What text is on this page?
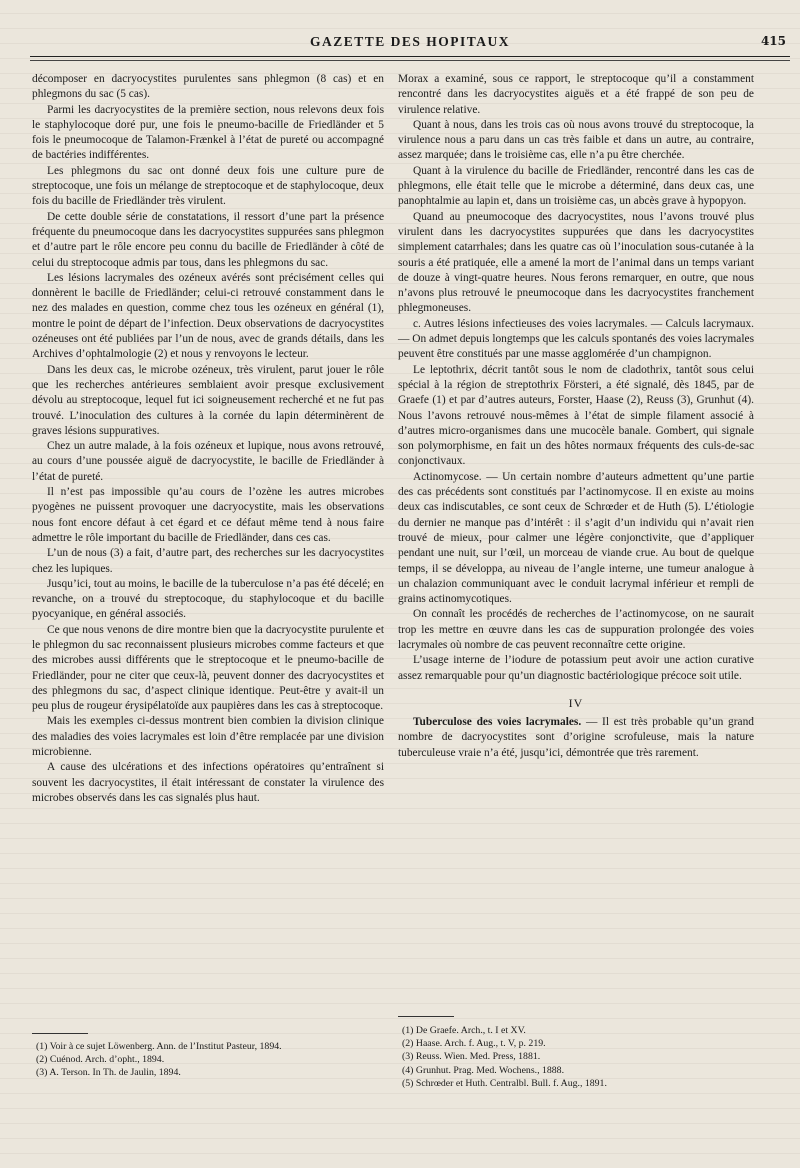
GAZETTE DES HOPITAUX	415

décomposer en dacryocystites purulentes sans phlegmon (8 cas) et en phlegmons du sac (5 cas).

Parmi les dacryocystites de la première section, nous relevons deux fois le staphylocoque doré pur, une fois le pneumo-bacille de Friedländer et 5 fois le pneumocoque de Talamon-Frænkel à l’état de pureté ou accompagné de bactéries indifférentes.

Les phlegmons du sac ont donné deux fois une culture pure de streptocoque, une fois un mélange de streptocoque et de staphylocoque, deux fois du bacille de Friedländer très virulent.

De cette double série de constatations, il ressort d’une part la présence fréquente du pneumocoque dans les dacryocystites suppurées sans phlegmon et d’autre part le rôle encore peu connu du bacille de Friedländer à côté de celui du streptocoque admis par tous, dans les phlegmons du sac.

Les lésions lacrymales des ozéneux avérés sont précisément celles qui donnèrent le bacille de Friedländer; celui-ci retrouvé constamment dans le nez des malades en question, comme chez tous les ozéneux en général (1), montre le point de départ de l’infection. Deux observations de dacryocystites ozéneuses ont été publiées par l’un de nous, avec de grands détails, dans les Archives d’ophtalmologie (2) et nous y renvoyons le lecteur.

Dans les deux cas, le microbe ozéneux, très virulent, parut jouer le rôle que les recherches antérieures semblaient avoir presque exclusivement dévolu au streptocoque, lequel fut ici soigneusement recherché et ne fut pas trouvé. L’inoculation des cultures à la cornée du lapin déterminèrent de graves lésions suppuratives.

Chez un autre malade, à la fois ozéneux et lupique, nous avons retrouvé, au cours d’une poussée aiguë de dacryocystite, le bacille de Friedländer à l’état de pureté.

Il n’est pas impossible qu’au cours de l’ozène les autres microbes pyogènes ne puissent provoquer une dacryocystite, mais les observations nous font encore défaut à cet égard et ce défaut même tend à nous faire admettre le rôle important du bacille de Friedländer, dans ces cas.

L’un de nous (3) a fait, d’autre part, des recherches sur les dacryocystites chez les lupiques.

Jusqu’ici, tout au moins, le bacille de la tuberculose n’a pas été décelé; en revanche, on a trouvé du streptocoque, du staphylocoque et du bacille pyocyanique, en général associés.

Ce que nous venons de dire montre bien que la dacryocystite purulente et le phlegmon du sac reconnaissent plusieurs microbes comme facteurs et que des microbes aussi différents que le streptocoque et le pneumo-bacille de Friedländer, pour ne citer que ceux-là, peuvent donner des dacryocystites et des phlegmons du sac, d’aspect clinique identique. Peut-être y avait-il un peu plus de rougeur érysipélatoïde aux paupières dans les cas à streptocoque.

Mais les exemples ci-dessus montrent bien combien la division clinique des maladies des voies lacrymales est loin d’être remplacée par une division microbienne.

A cause des ulcérations et des infections opératoires qu’entraînent si souvent les dacryocystites, il était intéressant de constater la virulence des microbes observés dans les cas signalés plus haut.

Morax a examiné, sous ce rapport, le streptocoque qu’il a constamment rencontré dans les dacryocystites aiguës et a été frappé de son peu de virulence relative.

Quant à nous, dans les trois cas où nous avons trouvé du streptocoque, la virulence nous a paru dans un cas très faible et dans un autre, au contraire, assez marquée; dans le troisième cas, elle n’a pu être cherchée.

Quant à la virulence du bacille de Friedländer, rencontré dans les cas de phlegmons, elle était telle que le microbe a déterminé, dans deux cas, une panophtalmie au lapin et, dans un troisième cas, un abcès grave à hypopyon.

Quand au pneumocoque des dacryocystites, nous l’avons trouvé plus virulent dans les dacryocystites suppurées que dans les dacryocystites simplement catarrhales; dans les quatre cas où l’inoculation sous-cutanée à la souris a été pratiquée, elle a amené la mort de l’animal dans un temps variant de douze à vingt-quatre heures. Nous ferons remarquer, en outre, que nous n’avons plus retrouvé le pneumocoque dans les dacryocystites franchement phlegmoneuses.

c. Autres lésions infectieuses des voies lacrymales. — Calculs lacrymaux. — On admet depuis longtemps que les calculs spontanés des voies lacrymales peuvent être constitués par une masse agglomérée d’un champignon.

Le leptothrix, décrit tantôt sous le nom de cladothrix, tantôt sous celui spécial à la région de streptothrix Försteri, a été signalé, dès 1845, par de Graefe (1) et par d’autres auteurs, Forster, Haase (2), Reuss (3), Grunhut (4). Nous l’avons retrouvé nous-mêmes à l’état de simple filament associé à d’autres micro-organismes dans une mucocèle banale. Gombert, qui signale son polymorphisme, en fait un des hôtes normaux fréquents des culs-de-sac conjonctivaux.

Actinomycose. — Un certain nombre d’auteurs admettent qu’une partie des cas précédents sont constitués par l’actinomycose. Il en existe au moins deux cas indiscutables, ce sont ceux de Schrœder et de Huth (5). L’étiologie du dernier ne manque pas d’intérêt : il s’agit d’un individu qui n’avait rien trouvé de mieux, pour calmer une légère conjonctivite, que d’appliquer pendant une nuit, sur l’œil, un morceau de viande crue. Au bout de quelque temps, il se développa, au niveau de l’angle interne, une tumeur analogue à un chalazion communiquant avec le conduit lacrymal inférieur et rempli de grains actinomycotiques.

On connaît les procédés de recherches de l’actinomycose, on ne saurait trop les mettre en œuvre dans les cas de suppuration prolongée des voies lacrymales où nombre de cas peuvent reconnaître cette origine.

L’usage interne de l’iodure de potassium peut avoir une action curative assez remarquable pour qu’un diagnostic bactériologique précoce soit utile.

IV

Tuberculose des voies lacrymales. — Il est très probable qu’un grand nombre de dacryocystites sont d’origine scrofuleuse, mais la nature tuberculeuse vraie n’a été, jusqu’ici, démontrée que très rarement.

(1) Voir à ce sujet Löwenberg. Ann. de l’Institut Pasteur, 1894.
(2) Cuénod. Arch. d’opht., 1894.
(3) A. Terson. In Th. de Jaulin, 1894.
(1) De Graefe. Arch., t. I et XV.
(2) Haase. Arch. f. Aug., t. V, p. 219.
(3) Reuss. Wien. Med. Press, 1881.
(4) Grunhut. Prag. Med. Wochens., 1888.
(5) Schrœder et Huth. Centralbl. Bull. f. Aug., 1891.
